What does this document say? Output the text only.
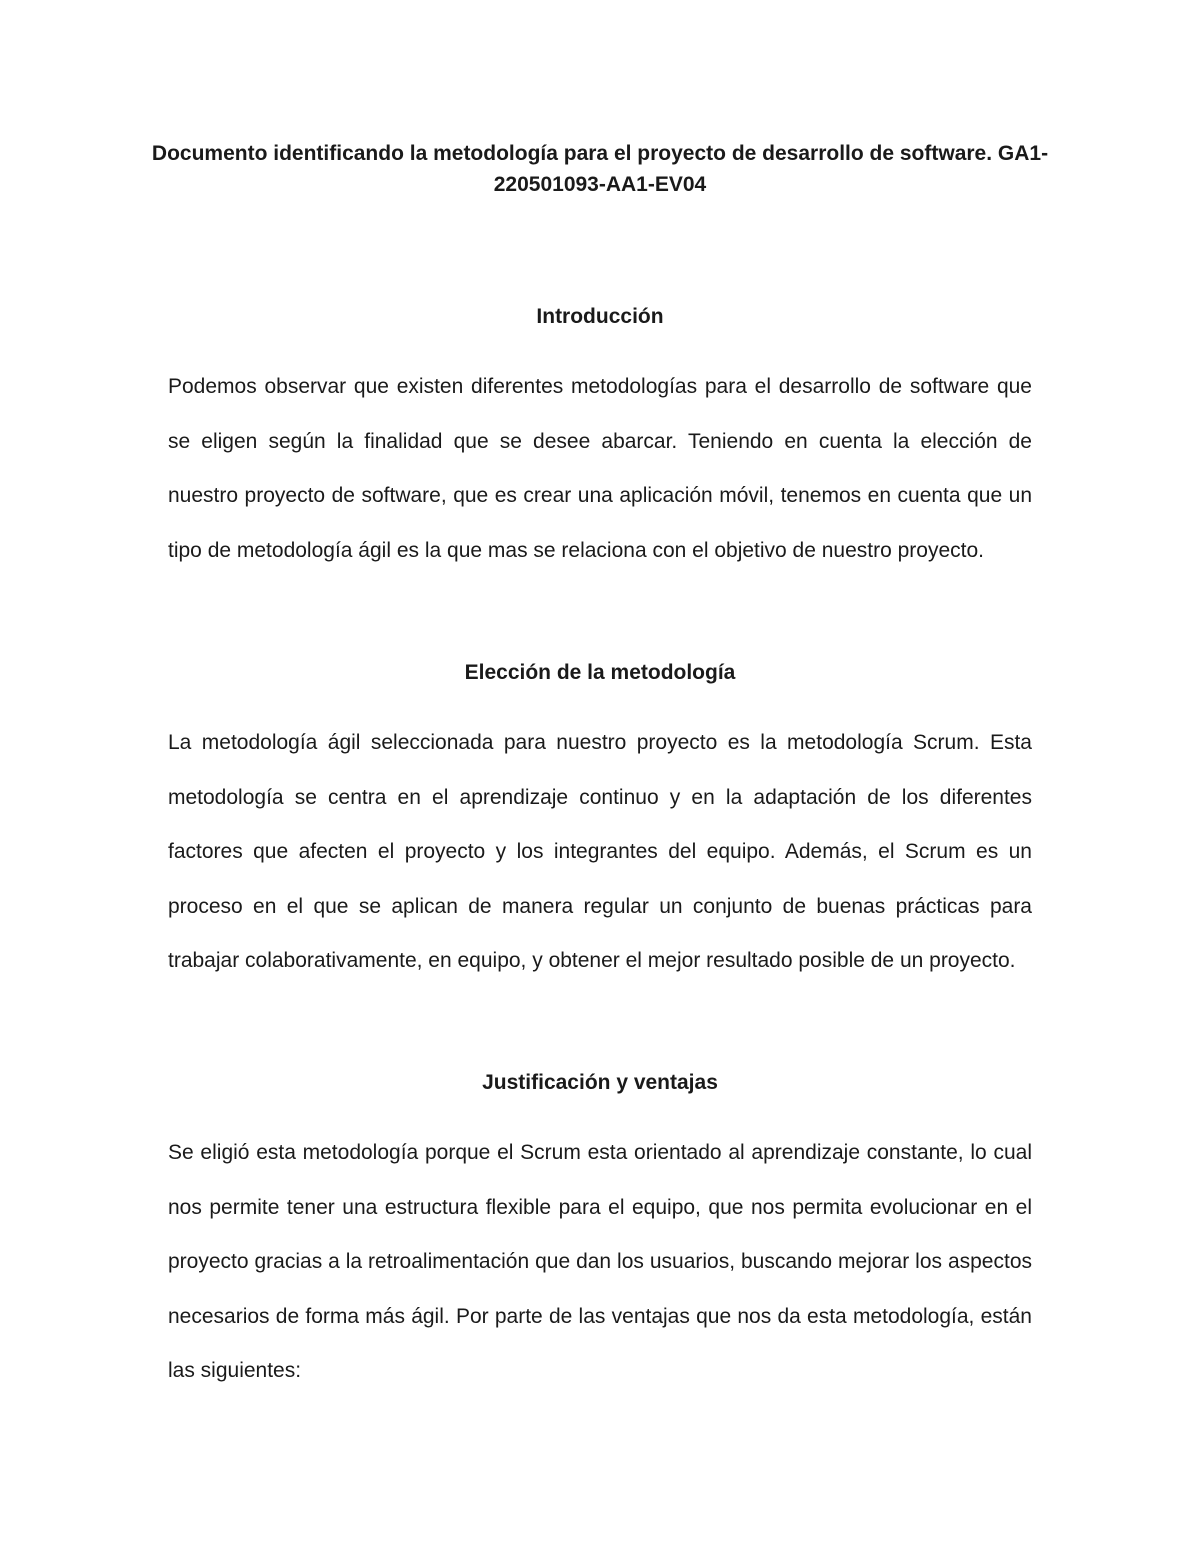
Documento identificando la metodología para el proyecto de desarrollo de software. GA1-220501093-AA1-EV04
Introducción

Podemos observar que existen diferentes metodologías para el desarrollo de software que se eligen según la finalidad que se desee abarcar. Teniendo en cuenta la elección de nuestro proyecto de software, que es crear una aplicación móvil, tenemos en cuenta que un tipo de metodología ágil es la que mas se relaciona con el objetivo de nuestro proyecto.

Elección de la metodología

La metodología ágil seleccionada para nuestro proyecto es la metodología Scrum. Esta metodología se centra en el aprendizaje continuo y en la adaptación de los diferentes factores que afecten el proyecto y los integrantes del equipo. Además, el Scrum es un proceso en el que se aplican de manera regular un conjunto de buenas prácticas para trabajar colaborativamente, en equipo, y obtener el mejor resultado posible de un proyecto.

Justificación y ventajas

Se eligió esta metodología porque el Scrum esta orientado al aprendizaje constante, lo cual nos permite tener una estructura flexible para el equipo, que nos permita evolucionar en el proyecto gracias a la retroalimentación que dan los usuarios, buscando mejorar los aspectos necesarios de forma más ágil. Por parte de las ventajas que nos da esta metodología, están las siguientes:
